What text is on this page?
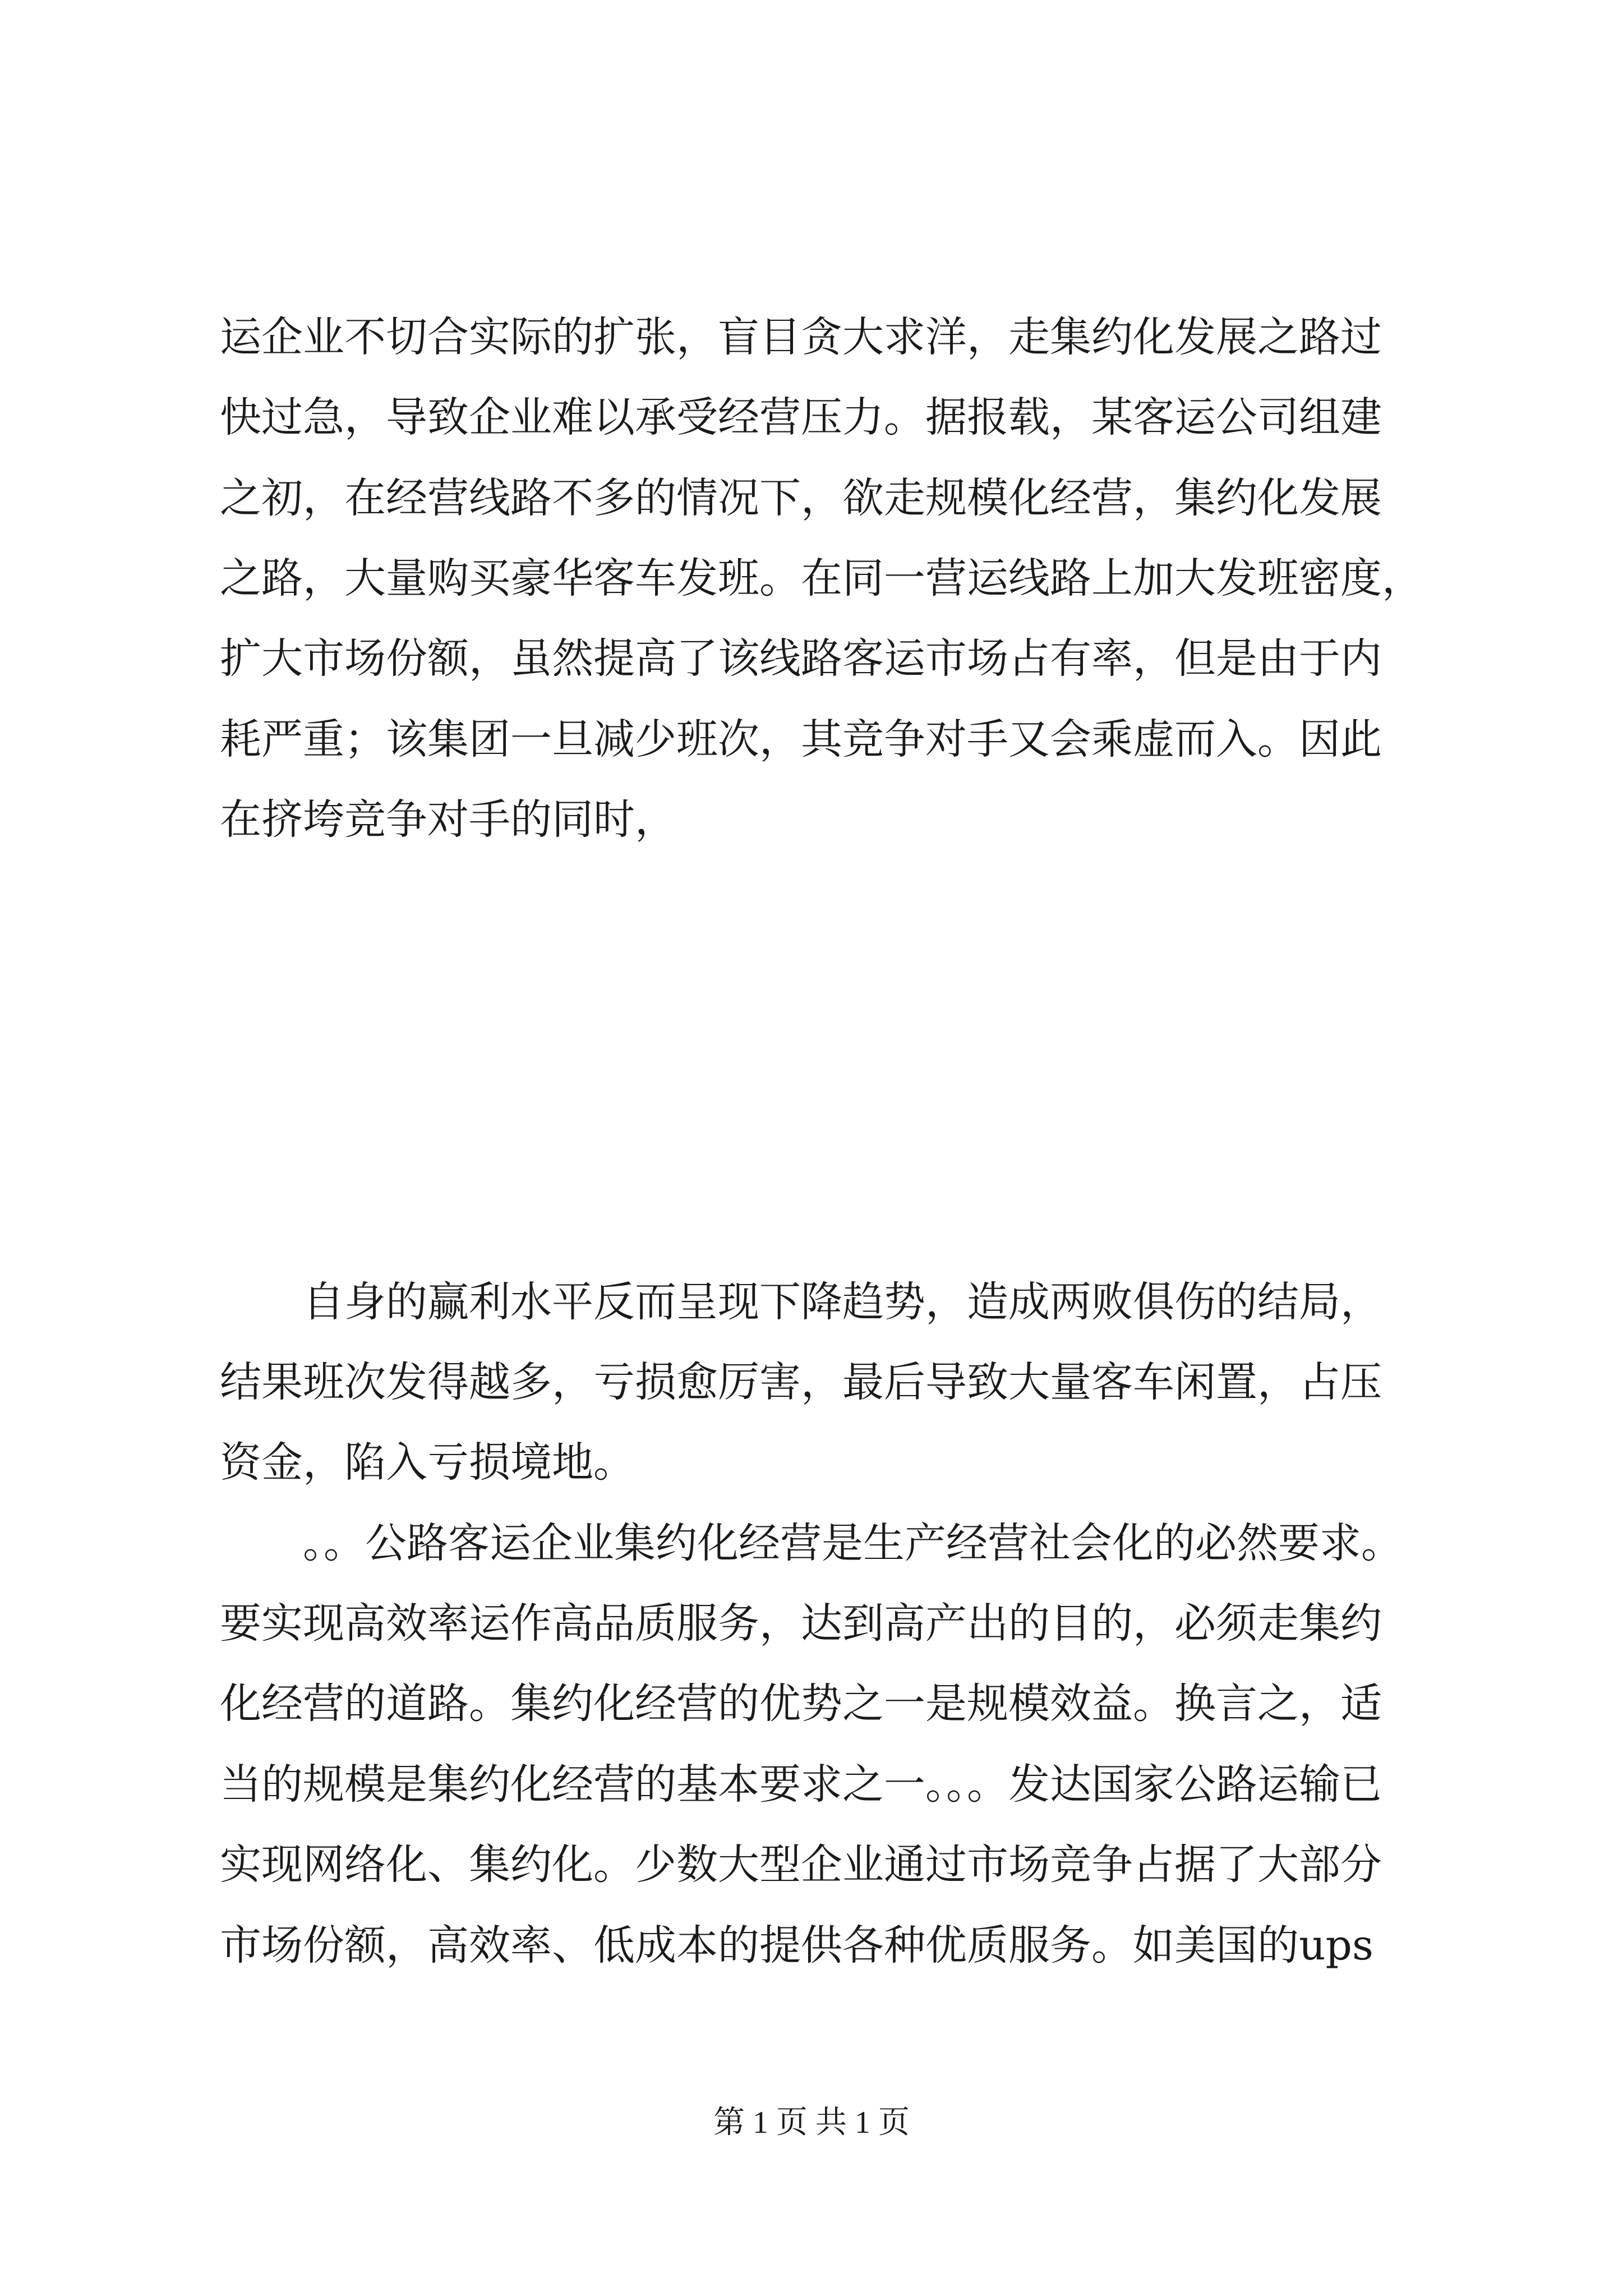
运企业不切合实际的扩张，盲目贪大求洋，走集约化发展之路过
快过急，导致企业难以承受经营压力。据报载，某客运公司组建
之初，在经营线路不多的情况下，欲走规模化经营，集约化发展
之路，大量购买豪华客车发班。在同一营运线路上加大发班密度，
扩大市场份额，虽然提高了该线路客运市场占有率，但是由于内
耗严重；该集团一旦减少班次，其竞争对手又会乘虚而入。因此
在挤垮竞争对手的同时，
自身的赢利水平反而呈现下降趋势，造成两败俱伤的结局，
结果班次发得越多，亏损愈厉害，最后导致大量客车闲置，占压
资金，陷入亏损境地。
。。公路客运企业集约化经营是生产经营社会化的必然要求。
要实现高效率运作高品质服务，达到高产出的目的，必须走集约
化经营的道路。集约化经营的优势之一是规模效益。换言之，适
当的规模是集约化经营的基本要求之一。。。发达国家公路运输已
实现网络化、集约化。少数大型企业通过市场竞争占据了大部分
市场份额，高效率、低成本的提供各种优质服务。如美国的ups
第 1 页 共 1 页
